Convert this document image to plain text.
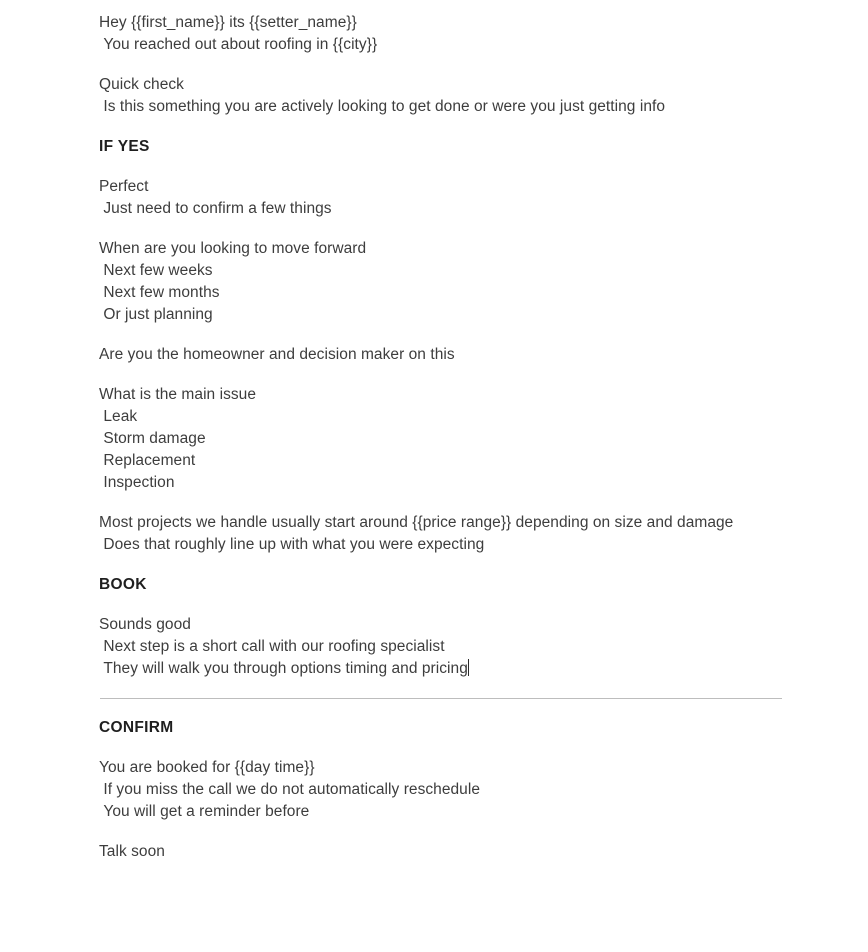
Hey {{first_name}} its {{setter_name}}
You reached out about roofing in {{city}}
Quick check
Is this something you are actively looking to get done or were you just getting info
IF YES
Perfect
Just need to confirm a few things
When are you looking to move forward
Next few weeks
Next few months
Or just planning
Are you the homeowner and decision maker on this
What is the main issue
Leak
Storm damage
Replacement
Inspection
Most projects we handle usually start around {{price range}} depending on size and damage
Does that roughly line up with what you were expecting
BOOK
Sounds good
Next step is a short call with our roofing specialist
They will walk you through options timing and pricing
CONFIRM
You are booked for {{day time}}
If you miss the call we do not automatically reschedule
You will get a reminder before
Talk soon
